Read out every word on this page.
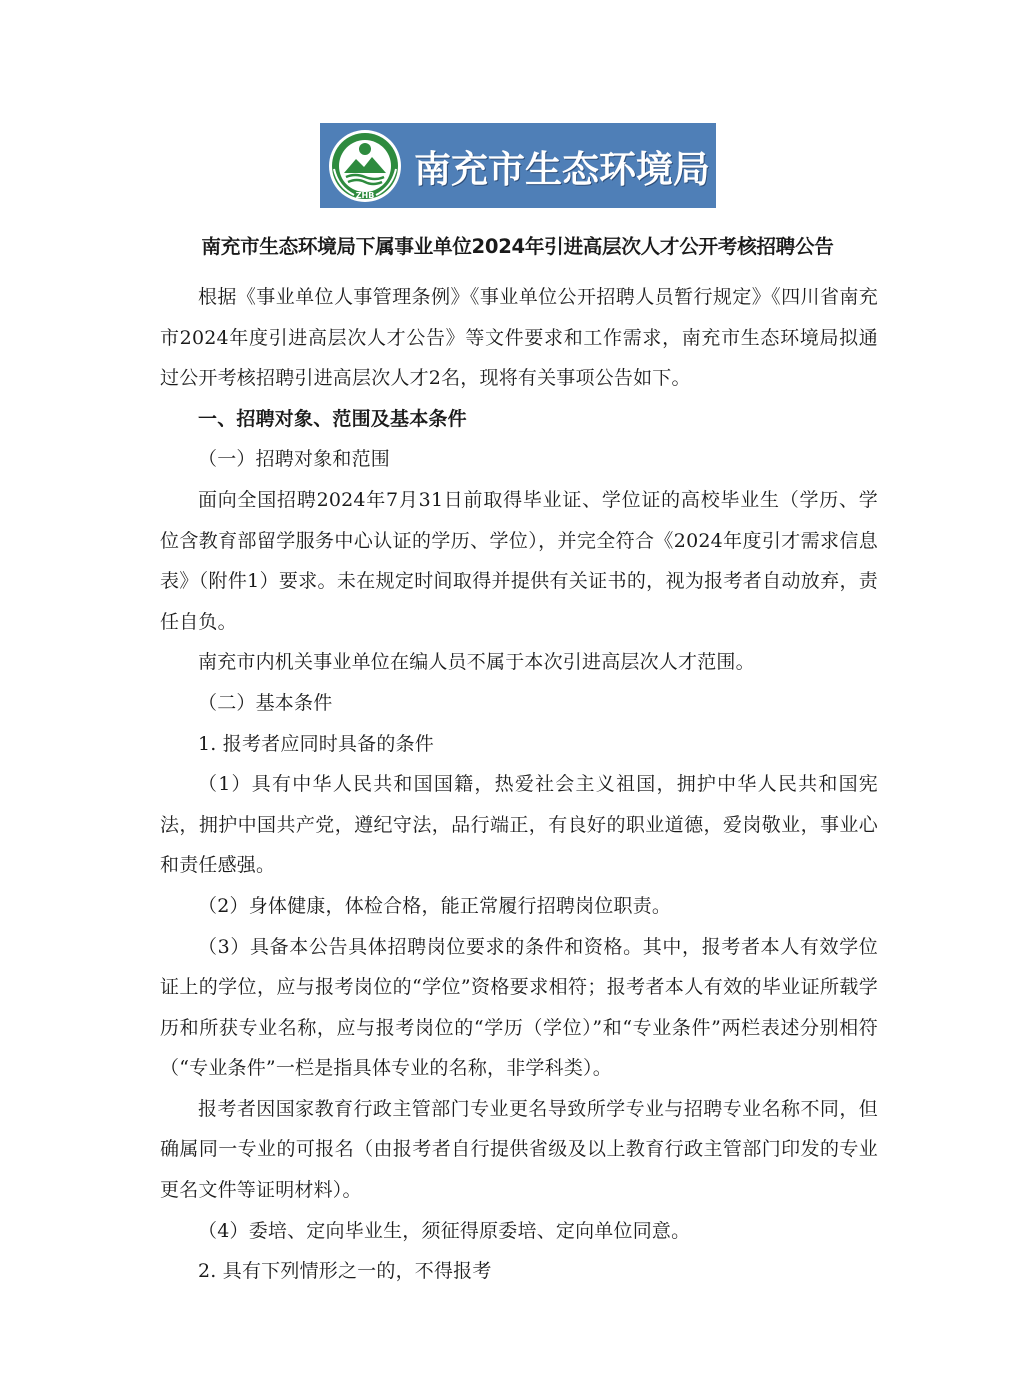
ZHB
南充市生态环境局
南充市生态环境局下属事业单位2024年引进高层次人才公开考核招聘公告

根据《事业单位人事管理条例》《事业单位公开招聘人员暂行规定》《四川省南充市2024年度引进高层次人才公告》等文件要求和工作需求，南充市生态环境局拟通过公开考核招聘引进高层次人才2名，现将有关事项公告如下。

一、招聘对象、范围及基本条件

（一）招聘对象和范围

面向全国招聘2024年7月31日前取得毕业证、学位证的高校毕业生（学历、学位含教育部留学服务中心认证的学历、学位），并完全符合《2024年度引才需求信息表》（附件1）要求。未在规定时间取得并提供有关证书的，视为报考者自动放弃，责任自负。

南充市内机关事业单位在编人员不属于本次引进高层次人才范围。

（二）基本条件

1. 报考者应同时具备的条件

（1）具有中华人民共和国国籍，热爱社会主义祖国，拥护中华人民共和国宪法，拥护中国共产党，遵纪守法，品行端正，有良好的职业道德，爱岗敬业，事业心和责任感强。

（2）身体健康，体检合格，能正常履行招聘岗位职责。

（3）具备本公告具体招聘岗位要求的条件和资格。其中，报考者本人有效学位证上的学位，应与报考岗位的“学位”资格要求相符；报考者本人有效的毕业证所载学历和所获专业名称，应与报考岗位的“学历（学位）”和“专业条件”两栏表述分别相符（“专业条件”一栏是指具体专业的名称，非学科类）。

报考者因国家教育行政主管部门专业更名导致所学专业与招聘专业名称不同，但确属同一专业的可报名（由报考者自行提供省级及以上教育行政主管部门印发的专业更名文件等证明材料）。

（4）委培、定向毕业生，须征得原委培、定向单位同意。

2. 具有下列情形之一的，不得报考
